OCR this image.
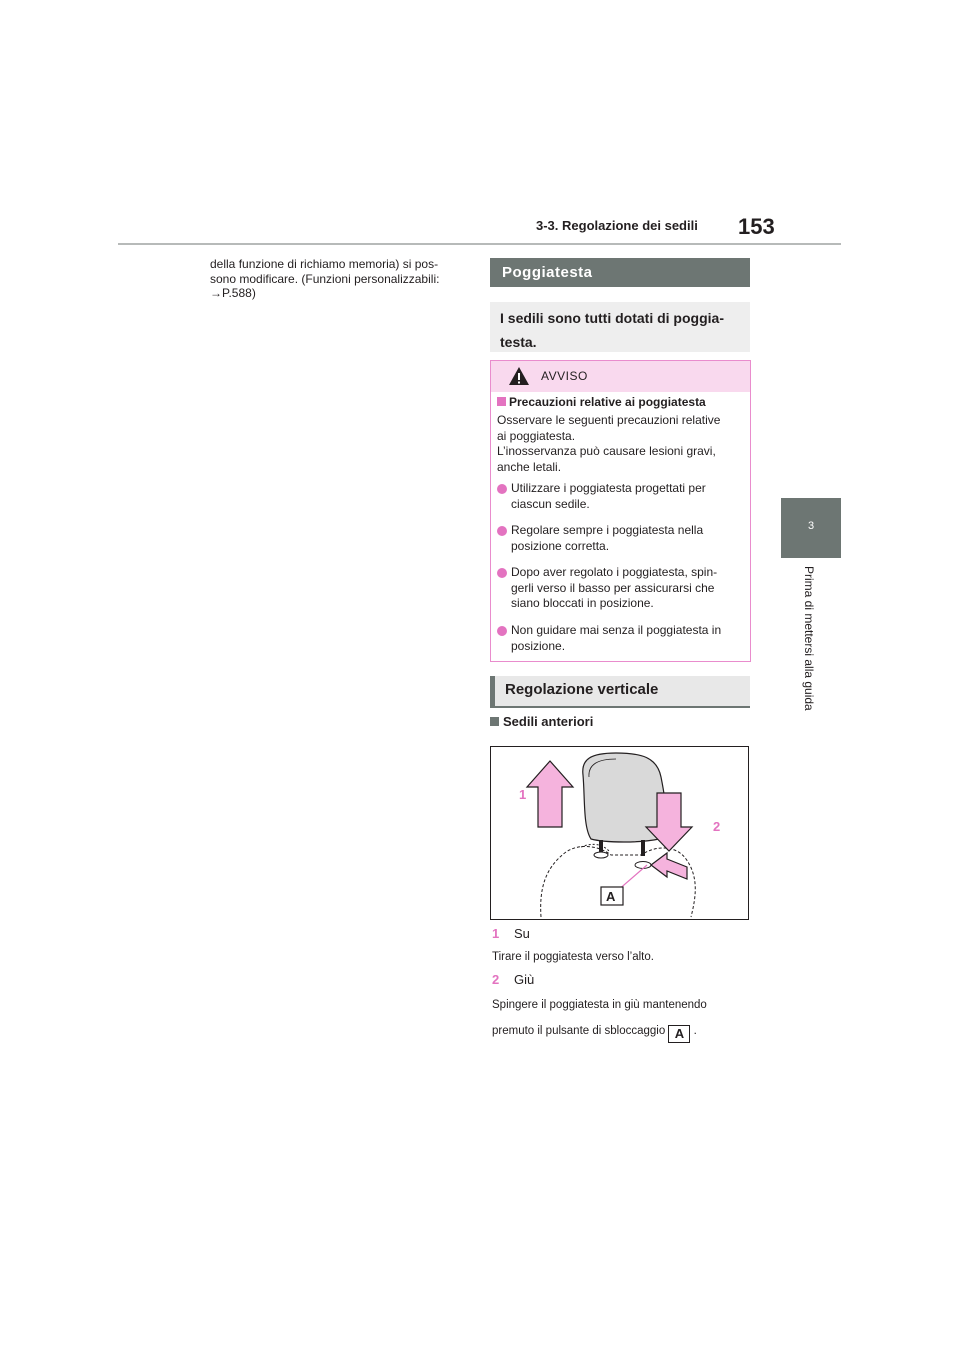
3-3. Regolazione dei sedili 153
3
Prima di mettersi alla guida
della funzione di richiamo memoria) si pos-
sono modificare. (Funzioni personalizzabili:
→P.588)
Poggiatesta
I sedili sono tutti dotati di poggia-
testa.
AVVISO
Precauzioni relative ai poggiatesta
Osservare le seguenti precauzioni relative
ai poggiatesta.
L’inosservanza può causare lesioni gravi,
anche letali.
Utilizzare i poggiatesta progettati per
ciascun sedile.
Regolare sempre i poggiatesta nella
posizione corretta.
Dopo aver regolato i poggiatesta, spin-
gerli verso il basso per assicurarsi che
siano bloccati in posizione.
Non guidare mai senza il poggiatesta in
posizione.
Regolazione verticale
Sedili anteriori
1
2
A
1 Su
Tirare il poggiatesta verso l’alto.
2 Giù
Spingere il poggiatesta in giù mantenendo
premuto il pulsante di sbloccaggio A .
